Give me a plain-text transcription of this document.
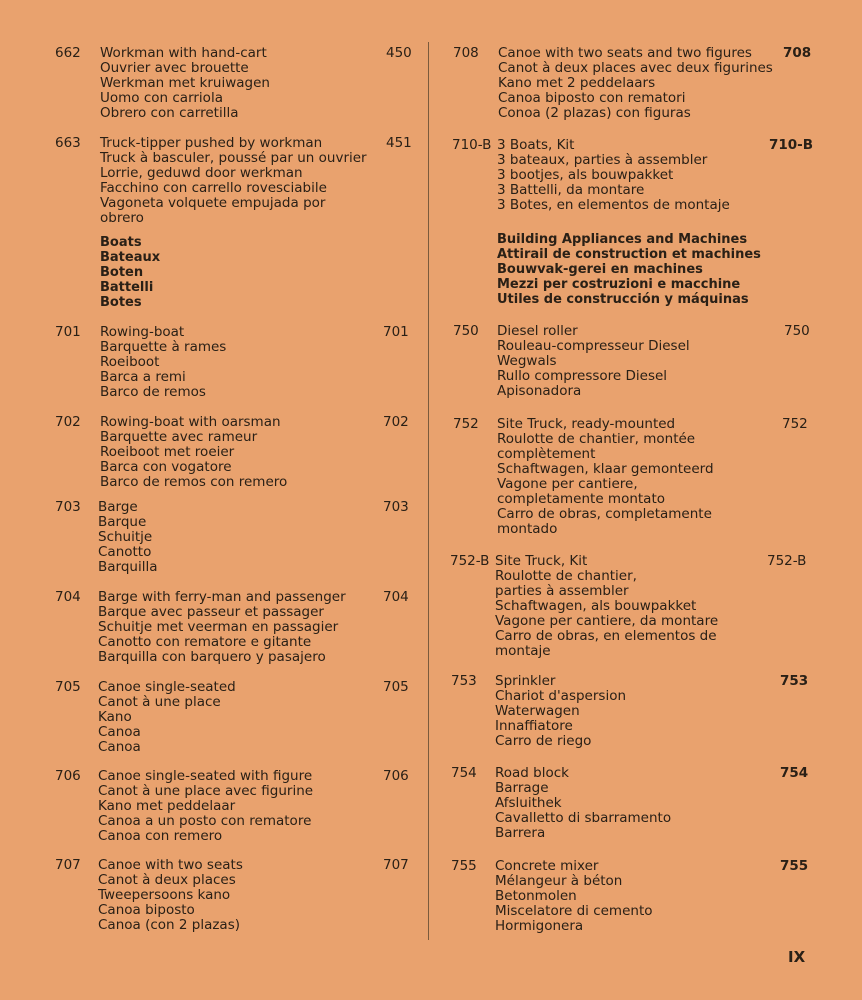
662	450
Workman with hand-cart
Ouvrier avec brouette
Werkman met kruiwagen
Uomo con carriola
Obrero con carretilla
663	451
Truck-tipper pushed by workman
Truck à basculer, poussé par un ouvrier
Lorrie, geduwd door werkman
Facchino con carrello rovesciabile
Vagoneta volquete empujada por
obrero
Boats
Bateaux
Boten
Battelli
Botes
701	701
Rowing-boat
Barquette à rames
Roeiboot
Barca a remi
Barco de remos
702	702
Rowing-boat with oarsman
Barquette avec rameur
Roeiboot met roeier
Barca con vogatore
Barco de remos con remero
703	703
Barge
Barque
Schuitje
Canotto
Barquilla
704	704
Barge with ferry-man and passenger
Barque avec passeur et passager
Schuitje met veerman en passagier
Canotto con rematore e gitante
Barquilla con barquero y pasajero
705	705
Canoe single-seated
Canot à une place
Kano
Canoa
Canoa
706	706
Canoe single-seated with figure
Canot à une place avec figurine
Kano met peddelaar
Canoa a un posto con rematore
Canoa con remero
707	707
Canoe with two seats
Canot à deux places
Tweepersoons kano
Canoa biposto
Canoa (con 2 plazas)
708	708
Canoe with two seats and two figures
Canot à deux places avec deux figurines
Kano met 2 peddelaars
Canoa biposto con rematori
Conoa (2 plazas) con figuras
710-B	710-B
3 Boats, Kit
3 bateaux, parties à assembler
3 bootjes, als bouwpakket
3 Battelli, da montare
3 Botes, en elementos de montaje
Building Appliances and Machines
Attirail de construction et machines
Bouwvak-gerei en machines
Mezzi per costruzioni e macchine
Utiles de construcción y máquinas
750	750
Diesel roller
Rouleau-compresseur Diesel
Wegwals
Rullo compressore Diesel
Apisonadora
752	752
Site Truck, ready-mounted
Roulotte de chantier, montée
complètement
Schaftwagen, klaar gemonteerd
Vagone per cantiere,
completamente montato
Carro de obras, completamente
montado
752-B	752-B
Site Truck, Kit
Roulotte de chantier,
parties à assembler
Schaftwagen, als bouwpakket
Vagone per cantiere, da montare
Carro de obras, en elementos de
montaje
753	753
Sprinkler
Chariot d'aspersion
Waterwagen
Innaffiatore
Carro de riego
754	754
Road block
Barrage
Afsluithek
Cavalletto di sbarramento
Barrera
755	755
Concrete mixer
Mélangeur à béton
Betonmolen
Miscelatore di cemento
Hormigonera
IX
